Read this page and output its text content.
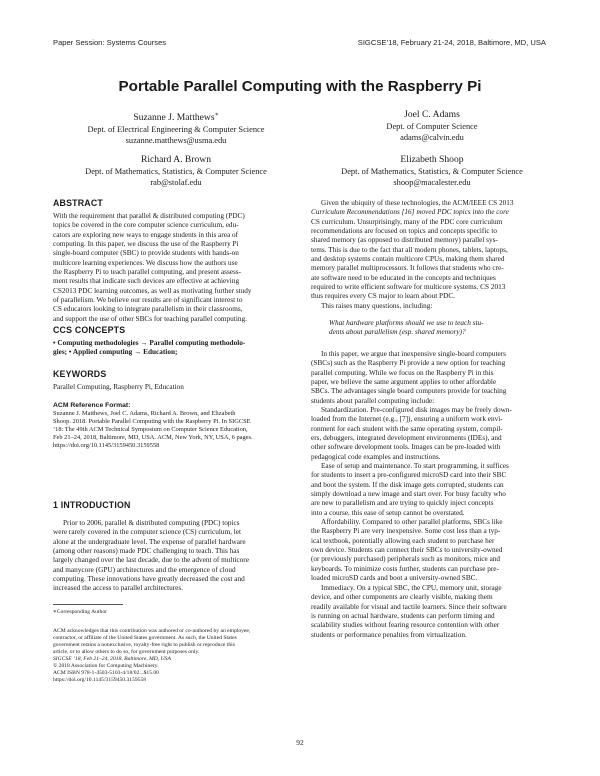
Paper Session: Systems Courses	SIGCSE’18, February 21-24, 2018, Baltimore, MD, USA
Portable Parallel Computing with the Raspberry Pi
Suzanne J. Matthews∗
Dept. of Electrical Engineering & Computer Science
suzanne.matthews@usma.edu
Joel C. Adams
Dept. of Computer Science
adams@calvin.edu
Richard A. Brown
Dept. of Mathematics, Statistics, & Computer Science
rab@stolaf.edu
Elizabeth Shoop
Dept. of Mathematics, Statistics, & Computer Science
shoop@macalester.edu
ABSTRACT
With the requirement that parallel & distributed computing (PDC)
topics be covered in the core computer science curriculum, edu-
cators are exploring new ways to engage students in this area of
computing. In this paper, we discuss the use of the Raspberry Pi
single-board computer (SBC) to provide students with hands-on
multicore learning experiences. We discuss how the authors use
the Raspberry Pi to teach parallel computing, and present assess-
ment results that indicate such devices are effective at achieving
CS2013 PDC learning outcomes, as well as motivating further study
of parallelism. We believe our results are of significant interest to
CS educators looking to integrate parallelism in their classrooms,
and support the use of other SBCs for teaching parallel computing.
CCS CONCEPTS
• Computing methodologies → Parallel computing methodolo-
gies; • Applied computing → Education;
KEYWORDS
Parallel Computing, Raspberry Pi, Education
ACM Reference Format:
Suzanne J. Matthews, Joel C. Adams, Richard A. Brown, and Elizabeth
Shoop. 2018. Portable Parallel Computing with the Raspberry Pi. In SIGCSE
’18: The 49th ACM Technical Symposium on Computer Science Education,
Feb 21–24, 2018, Baltimore, MD, USA. ACM, New York, NY, USA, 6 pages.
https://doi.org/10.1145/3159450.3159558
1 INTRODUCTION
Prior to 2006, parallel & distributed computing (PDC) topics
were rarely covered in the computer science (CS) curriculum, let
alone at the undergraduate level. The expense of parallel hardware
(among other reasons) made PDC challenging to teach. This has
largely changed over the last decade, due to the advent of multicore
and manycore (GPU) architectures and the emergence of cloud
computing. These innovations have greatly decreased the cost and
increased the access to parallel architectures.
∗Corresponding Author
ACM acknowledges that this contribution was authored or co-authored by an employee,
contractor, or affiliate of the United States government. As such, the United States
government retains a nonexclusive, royalty-free right to publish or reproduce this
article, or to allow others to do so, for government purposes only.
SIGCSE ’18, Feb 21–24, 2018, Baltimore, MD, USA
© 2018 Association for Computing Machinery.
ACM ISBN 978-1-4503-5103-4/18/02...$15.00
https://doi.org/10.1145/3159450.3159558
Given the ubiquity of these technologies, the ACM/IEEE CS 2013
Curriculum Recommendations [16] moved PDC topics into the core
CS curriculum. Unsurprisingly, many of the PDC core curriculum
recommendations are focused on topics and concepts specific to
shared memory (as opposed to distributed memory) parallel sys-
tems. This is due to the fact that all modern phones, tablets, laptops,
and desktop systems contain multicore CPUs, making them shared
memory parallel multiprocessors. It follows that students who cre-
ate software need to be educated in the concepts and techniques
required to write efficient software for multicore systems. CS 2013
thus requires every CS major to learn about PDC.
This raises many questions, including:
What hardware platforms should we use to teach stu-
dents about parallelism (esp. shared memory)?
In this paper, we argue that inexpensive single-board computers
(SBCs) such as the Raspberry Pi provide a new option for teaching
parallel computing. While we focus on the Raspberry Pi in this
paper, we believe the same argument applies to other affordable
SBCs. The advantages single board computers provide for teaching
students about parallel computing include:
Standardization. Pre-configured disk images may be freely down-
loaded from the Internet (e.g., [7]), ensuring a uniform work envi-
ronment for each student with the same operating system, compil-
ers, debuggers, integrated development environments (IDEs), and
other software development tools. Images can be pre-loaded with
pedagogical code examples and instructions.
Ease of setup and maintenance. To start programming, it suffices
for students to insert a pre-configured microSD card into their SBC
and boot the system. If the disk image gets corrupted, students can
simply download a new image and start over. For busy faculty who
are new to parallelism and are trying to quickly inject concepts
into a course, this ease of setup cannot be overstated.
Affordability. Compared to other parallel platforms, SBCs like
the Raspberry Pi are very inexpensive. Some cost less than a typ-
ical textbook, potentially allowing each student to purchase her
own device. Students can connect their SBCs to university-owned
(or previously purchased) peripherals such as monitors, mice and
keyboards. To minimize costs further, students can purchase pre-
loaded microSD cards and boot a university-owned SBC.
Immediacy. On a typical SBC, the CPU, memory unit, storage
device, and other components are clearly visible, making them
readily available for visual and tactile learners. Since their software
is running on actual hardware, students can perform timing and
scalability studies without fearing resource contention with other
students or performance penalties from virtualization.
92
